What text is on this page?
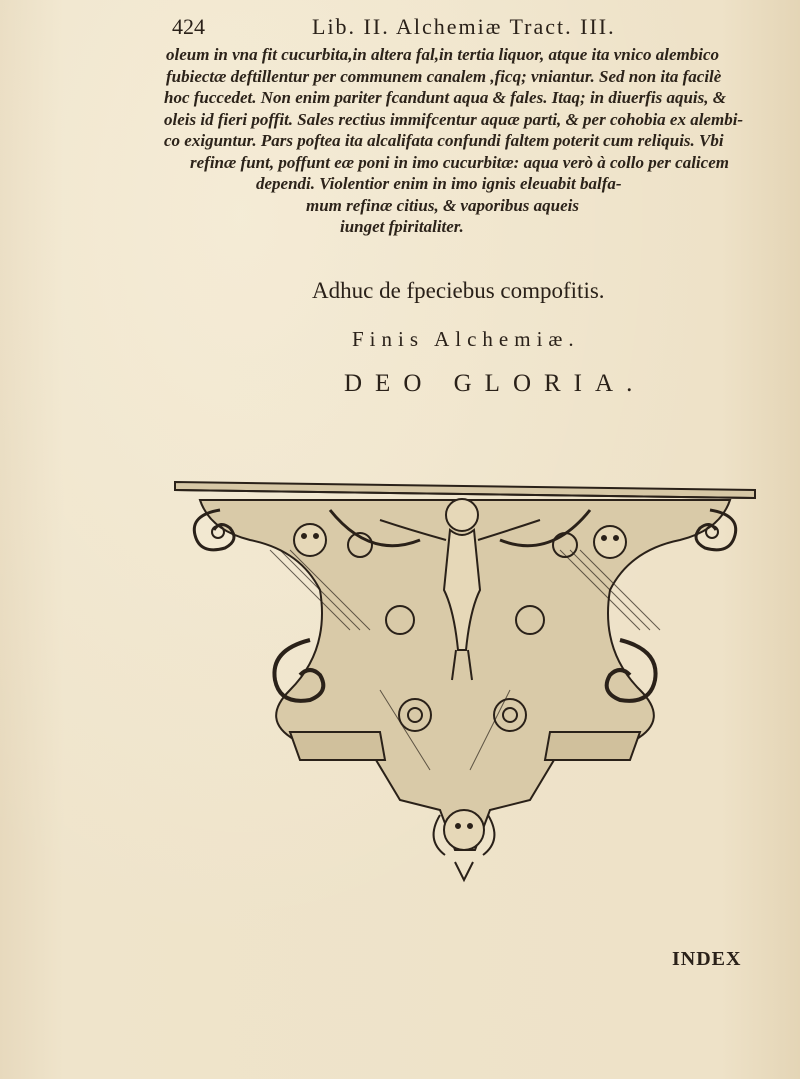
424	Lib. II. Alchemiæ Tract. III.
oleum in vna fit cucurbita,in altera fal,in tertia liquor, atque ita vnico alembico
fubiectæ deftillentur per communem canalem ,ficq; vniantur. Sed non ita facilè
hoc fuccedet. Non enim pariter fcandunt aqua & fales. Itaq; in diuerfis aquis, &
oleis id fieri poffit. Sales rectius immifcentur aquæ parti, & per cohobia ex alembi-
co exiguntur. Pars poftea ita alcalifata confundi faltem poterit cum reliquis. Vbi
refinæ funt, poffunt eæ poni in imo cucurbitæ: aqua verò à collo per calicem
dependi. Violentior enim in imo ignis eleuabit balfa-
mum refinæ citius, & vaporibus aqueis
iunget fpiritaliter.
Adhuc de fpeciebus compofitis.
Finis Alchemiæ.
DEO GLORIA.
INDEX
